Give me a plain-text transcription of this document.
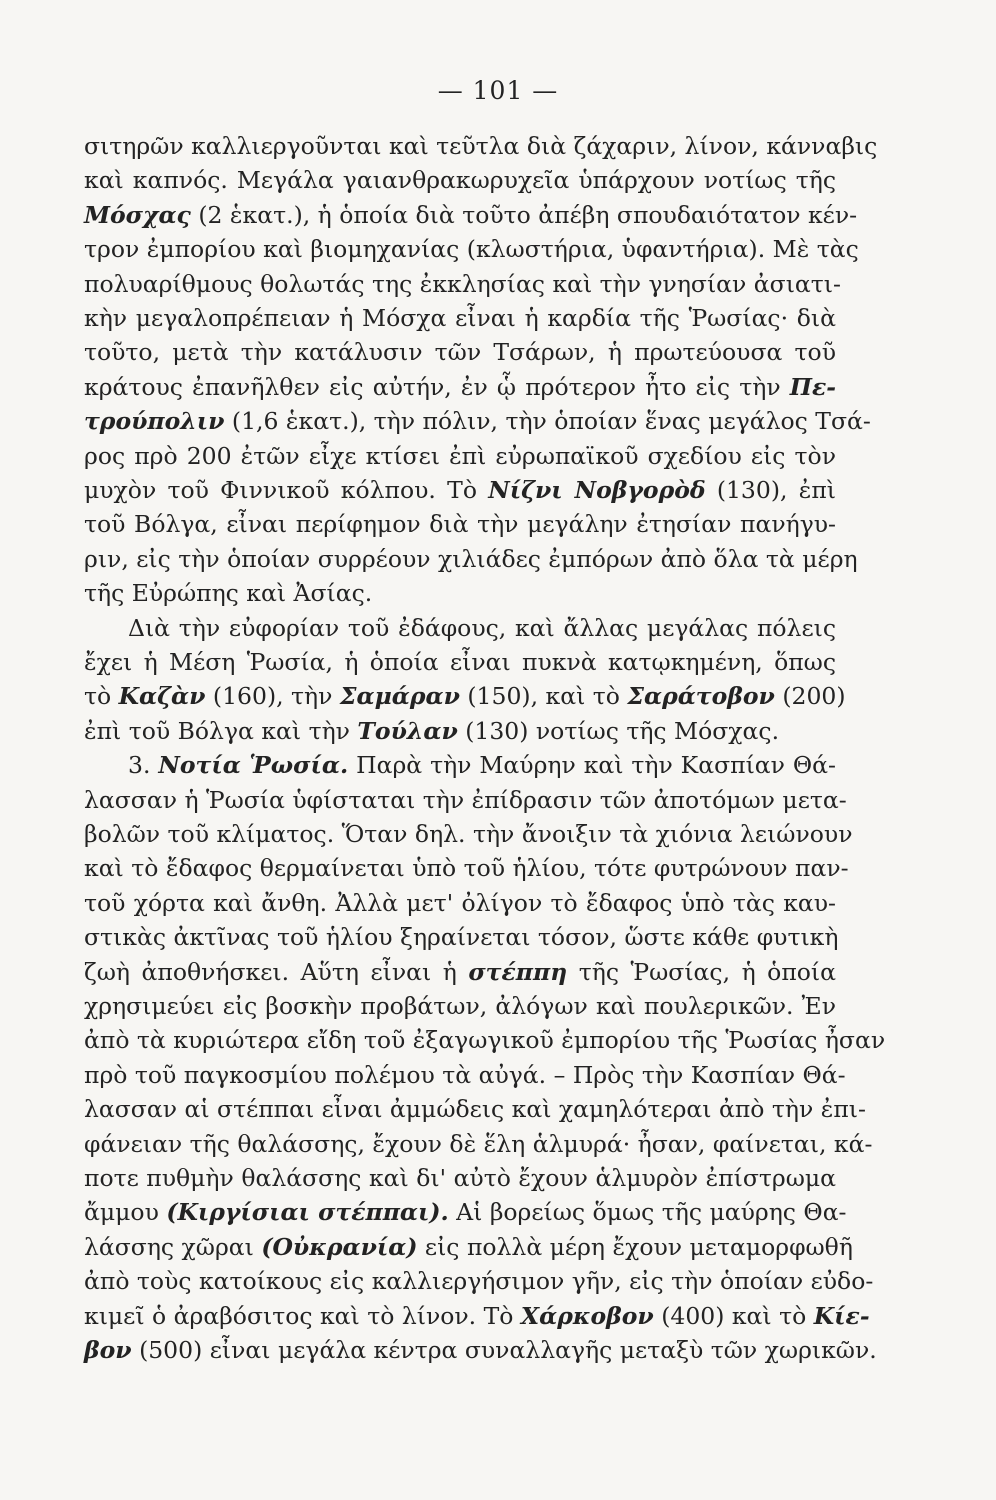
— 101 —
σιτηρῶν καλλιεργοῦνται καὶ τεῦτλα διὰ ζάχαριν, λίνον, κάνναβις
καὶ καπνός. Μεγάλα γαιανθρακωρυχεῖα ὑπάρχουν νοτίως τῆς
Μόσχας (2 ἑκατ.), ἡ ὁποία διὰ τοῦτο ἀπέβη σπουδαιότατον κέν-
τρον ἐμπορίου καὶ βιομηχανίας (κλωστήρια, ὑφαντήρια). Μὲ τὰς
πολυαρίθμους θολωτάς της ἐκκλησίας καὶ τὴν γνησίαν ἀσιατι-
κὴν μεγαλοπρέπειαν ἡ Μόσχα εἶναι ἡ καρδία τῆς Ῥωσίας· διὰ
τοῦτο, μετὰ τὴν κατάλυσιν τῶν Τσάρων, ἡ πρωτεύουσα τοῦ
κράτους ἐπανῆλθεν εἰς αὐτήν, ἐν ᾧ πρότερον ἦτο εἰς τὴν Πε-
τρούπολιν (1,6 ἑκατ.), τὴν πόλιν, τὴν ὁποίαν ἕνας μεγάλος Τσά-
ρος πρὸ 200 ἐτῶν εἶχε κτίσει ἐπὶ εὐρωπαϊκοῦ σχεδίου εἰς τὸν
μυχὸν τοῦ Φιννικοῦ κόλπου. Τὸ Νίζνι Νοβγορὸδ (130), ἐπὶ
τοῦ Βόλγα, εἶναι περίφημον διὰ τὴν μεγάλην ἐτησίαν πανήγυ-
ριν, εἰς τὴν ὁποίαν συρρέουν χιλιάδες ἐμπόρων ἀπὸ ὅλα τὰ μέρη
τῆς Εὐρώπης καὶ Ἀσίας.
Διὰ τὴν εὐφορίαν τοῦ ἐδάφους, καὶ ἄλλας μεγάλας πόλεις
ἔχει ἡ Μέση Ῥωσία, ἡ ὁποία εἶναι πυκνὰ κατῳκημένη, ὅπως
τὸ Καζὰν (160), τὴν Σαμάραν (150), καὶ τὸ Σαράτοβον (200)
ἐπὶ τοῦ Βόλγα καὶ τὴν Τούλαν (130) νοτίως τῆς Μόσχας.
3. Νοτία Ῥωσία. Παρὰ τὴν Μαύρην καὶ τὴν Κασπίαν Θά-
λασσαν ἡ Ῥωσία ὑφίσταται τὴν ἐπίδρασιν τῶν ἀποτόμων μετα-
βολῶν τοῦ κλίματος. Ὅταν δηλ. τὴν ἄνοιξιν τὰ χιόνια λειώνουν
καὶ τὸ ἔδαφος θερμαίνεται ὑπὸ τοῦ ἡλίου, τότε φυτρώνουν παν-
τοῦ χόρτα καὶ ἄνθη. Ἀλλὰ μετ' ὀλίγον τὸ ἔδαφος ὑπὸ τὰς καυ-
στικὰς ἀκτῖνας τοῦ ἡλίου ξηραίνεται τόσον, ὥστε κάθε φυτικὴ
ζωὴ ἀποθνήσκει. Αὕτη εἶναι ἡ στέππη τῆς Ῥωσίας, ἡ ὁποία
χρησιμεύει εἰς βοσκὴν προβάτων, ἀλόγων καὶ πουλερικῶν. Ἐν
ἀπὸ τὰ κυριώτερα εἴδη τοῦ ἐξαγωγικοῦ ἐμπορίου τῆς Ῥωσίας ἦσαν
πρὸ τοῦ παγκοσμίου πολέμου τὰ αὐγά. – Πρὸς τὴν Κασπίαν Θά-
λασσαν αἱ στέππαι εἶναι ἀμμώδεις καὶ χαμηλότεραι ἀπὸ τὴν ἐπι-
φάνειαν τῆς θαλάσσης, ἔχουν δὲ ἕλη ἁλμυρά· ἦσαν, φαίνεται, κά-
ποτε πυθμὴν θαλάσσης καὶ δι' αὐτὸ ἔχουν ἁλμυρὸν ἐπίστρωμα
ἄμμου (Κιργίσιαι στέππαι). Αἱ βορείως ὅμως τῆς μαύρης Θα-
λάσσης χῶραι (Οὐκρανία) εἰς πολλὰ μέρη ἔχουν μεταμορφωθῆ
ἀπὸ τοὺς κατοίκους εἰς καλλιεργήσιμον γῆν, εἰς τὴν ὁποίαν εὐδο-
κιμεῖ ὁ ἀραβόσιτος καὶ τὸ λίνον. Τὸ Χάρκοβον (400) καὶ τὸ Κίε-
βον (500) εἶναι μεγάλα κέντρα συναλλαγῆς μεταξὺ τῶν χωρικῶν.
